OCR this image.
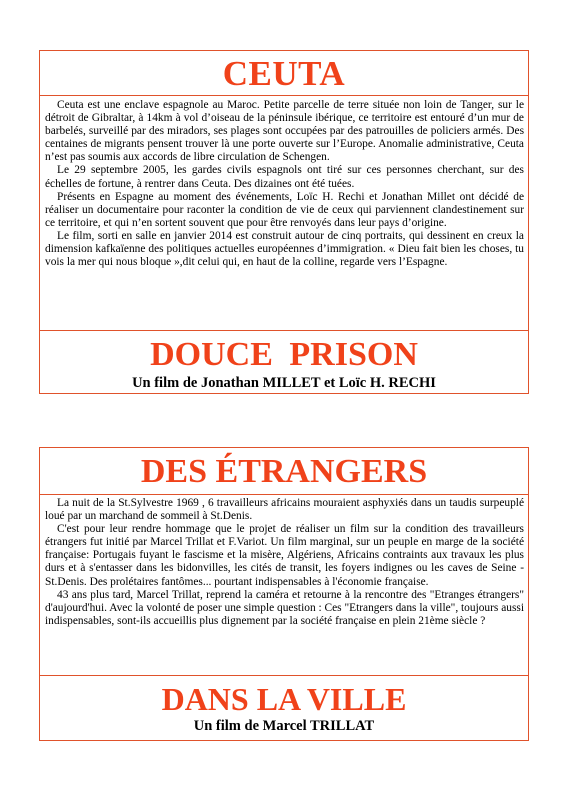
CEUTA

Ceuta est une enclave espagnole au Maroc. Petite parcelle de terre située non loin de Tanger, sur le détroit de Gibraltar, à 14km à vol d’oiseau de la péninsule ibérique, ce territoire est entouré d’un mur de barbelés, surveillé par des miradors, ses plages sont occupées par des patrouilles de policiers armés. Des centaines de migrants pensent trouver là une porte ouverte sur l’Europe. Anomalie administrative, Ceuta n’est pas soumis aux accords de libre circulation de Schengen.

Le 29 septembre 2005, les gardes civils espagnols ont tiré sur ces personnes cherchant, sur des échelles de fortune, à rentrer dans Ceuta. Des dizaines ont été tuées.

Présents en Espagne au moment des événements, Loïc H. Rechi et Jonathan Millet ont décidé de réaliser un documentaire pour raconter la condition de vie de ceux qui parviennent clandestinement sur ce territoire, et qui n’en sortent souvent que pour être renvoyés dans leur pays d’origine.

Le film, sorti en salle en janvier 2014 est construit autour de cinq portraits, qui dessinent en creux la dimension kafkaïenne des politiques actuelles européennes d’immigration. « Dieu fait bien les choses, tu vois la mer qui nous bloque »,dit celui qui, en haut de la colline, regarde vers l’Espagne.

DOUCE PRISON
Un film de Jonathan MILLET et Loïc H. RECHI
DES ÉTRANGERS

La nuit de la St.Sylvestre 1969 , 6 travailleurs africains mouraient asphyxiés dans un taudis surpeuplé loué par un marchand de sommeil à St.Denis.

C'est pour leur rendre hommage que le projet de réaliser un film sur la condition des travailleurs étrangers fut initié par Marcel Trillat et F.Variot. Un film marginal, sur un peuple en marge de la société française: Portugais fuyant le fascisme et la misère, Algériens, Africains contraints aux travaux les plus durs et à s'entasser dans les bidonvilles, les cités de transit, les foyers indignes ou les caves de Seine - St.Denis. Des prolétaires fantômes... pourtant indispensables à l'économie française.

43 ans plus tard, Marcel Trillat, reprend la caméra et retourne à la rencontre des "Etranges étrangers" d'aujourd'hui. Avec la volonté de poser une simple question : Ces "Etrangers dans la ville", toujours aussi indispensables, sont-ils accueillis plus dignement par la société française en plein 21ème siècle ?

DANS LA VILLE
Un film de Marcel TRILLAT
